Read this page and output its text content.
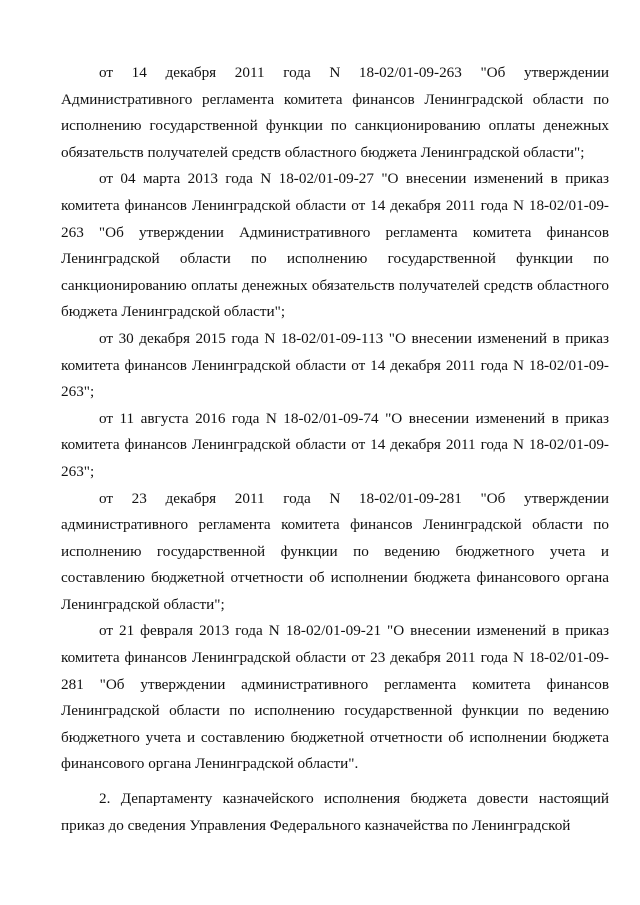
от 14 декабря 2011 года N 18-02/01-09-263 "Об утверждении Административного регламента комитета финансов Ленинградской области по исполнению государственной функции по санкционированию оплаты денежных обязательств получателей средств областного бюджета Ленинградской области";

от 04 марта 2013 года N 18-02/01-09-27 "О внесении изменений в приказ комитета финансов Ленинградской области от 14 декабря 2011 года N 18-02/01-09-263 "Об утверждении Административного регламента комитета финансов Ленинградской области по исполнению государственной функции по санкционированию оплаты денежных обязательств получателей средств областного бюджета Ленинградской области";

от 30 декабря 2015 года N 18-02/01-09-113 "О внесении изменений в приказ комитета финансов Ленинградской области от 14 декабря 2011 года N 18-02/01-09-263";

от 11 августа 2016 года N 18-02/01-09-74 "О внесении изменений в приказ комитета финансов Ленинградской области от 14 декабря 2011 года N 18-02/01-09-263";

от 23 декабря 2011 года N 18-02/01-09-281 "Об утверждении административного регламента комитета финансов Ленинградской области по исполнению государственной функции по ведению бюджетного учета и составлению бюджетной отчетности об исполнении бюджета финансового органа Ленинградской области";

от 21 февраля 2013 года N 18-02/01-09-21 "О внесении изменений в приказ комитета финансов Ленинградской области от 23 декабря 2011 года N 18-02/01-09-281 "Об утверждении административного регламента комитета финансов Ленинградской области по исполнению государственной функции по ведению бюджетного учета и составлению бюджетной отчетности об исполнении бюджета финансового органа Ленинградской области".

2. Департаменту казначейского исполнения бюджета довести настоящий приказ до сведения Управления Федерального казначейства по Ленинградской
